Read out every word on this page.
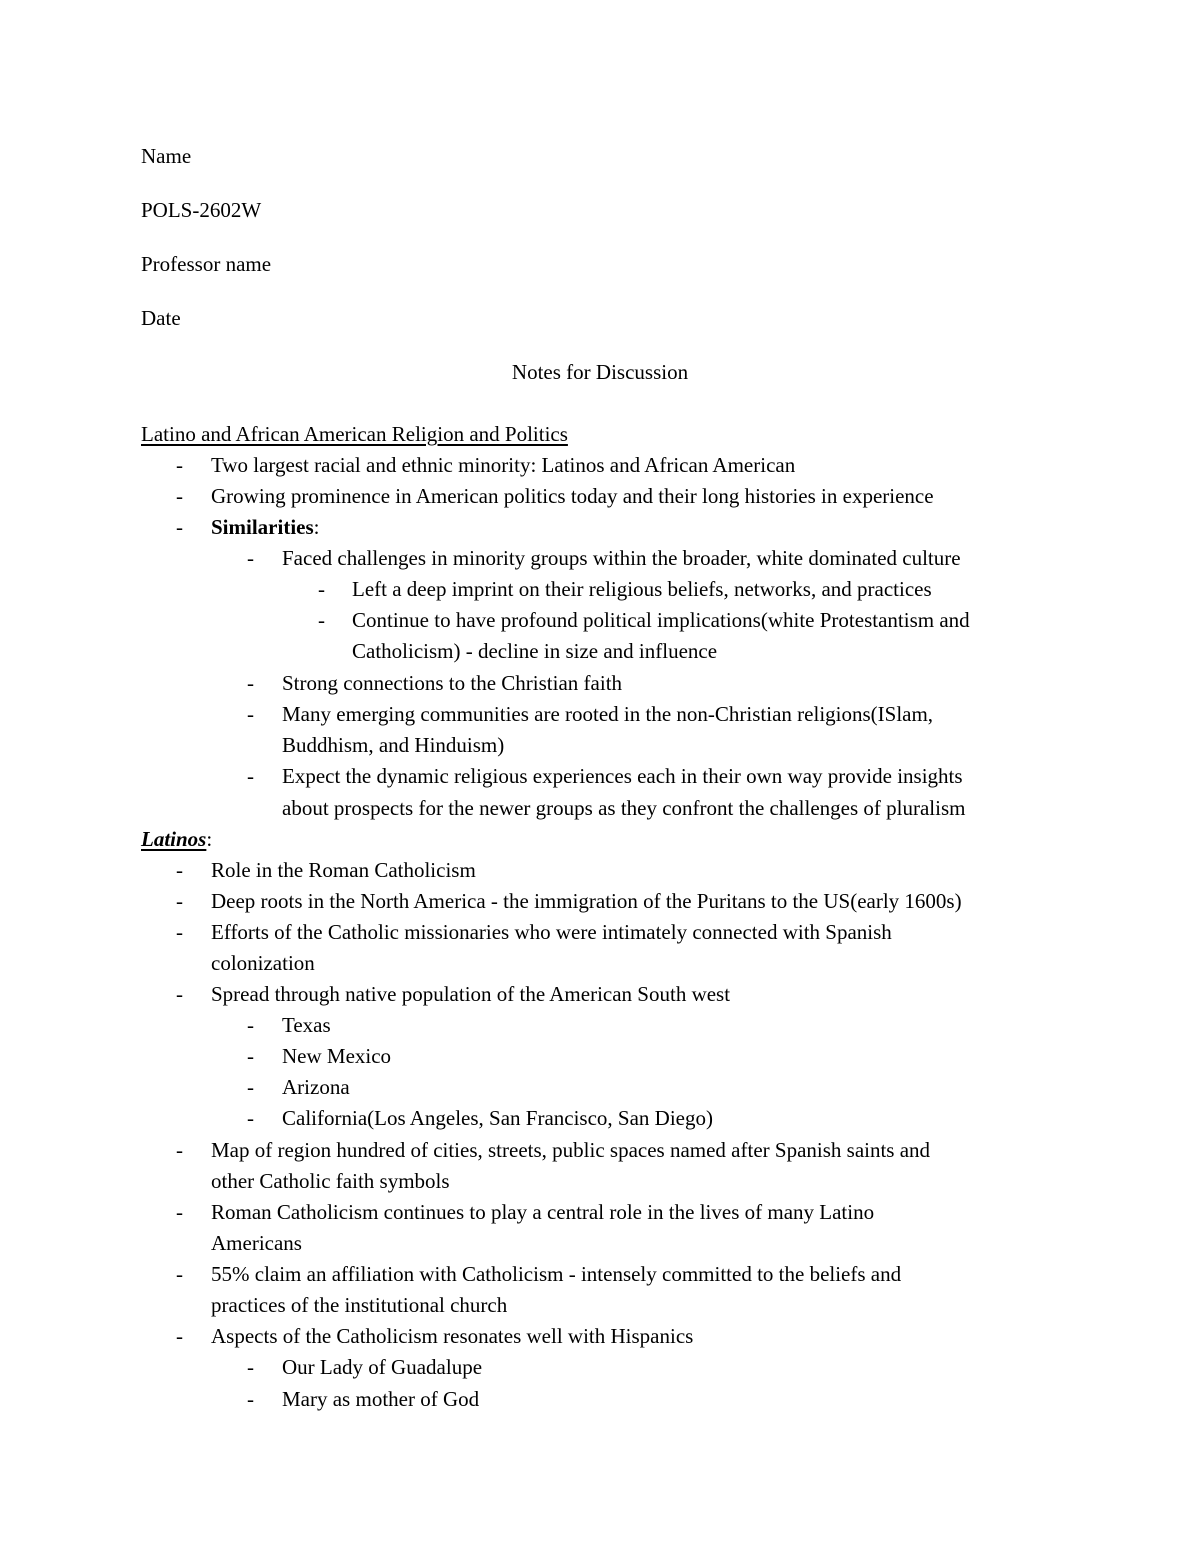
Name
POLS-2602W
Professor name
Date
Notes for Discussion
Latino and African American Religion and Politics
- Two largest racial and ethnic minority: Latinos and African American
- Growing prominence in American politics today and their long histories in experience
- Similarities:
- Faced challenges in minority groups within the broader, white dominated culture
- Left a deep imprint on their religious beliefs, networks, and practices
- Continue to have profound political implications(white Protestantism and
Catholicism) - decline in size and influence
- Strong connections to the Christian faith
- Many emerging communities are rooted in the non-Christian religions(ISlam,
Buddhism, and Hinduism)
- Expect the dynamic religious experiences each in their own way provide insights
about prospects for the newer groups as they confront the challenges of pluralism
Latinos:
- Role in the Roman Catholicism
- Deep roots in the North America - the immigration of the Puritans to the US(early 1600s)
- Efforts of the Catholic missionaries who were intimately connected with Spanish
colonization
- Spread through native population of the American South west
- Texas
- New Mexico
- Arizona
- California(Los Angeles, San Francisco, San Diego)
- Map of region hundred of cities, streets, public spaces named after Spanish saints and
other Catholic faith symbols
- Roman Catholicism continues to play a central role in the lives of many Latino
Americans
- 55% claim an affiliation with Catholicism - intensely committed to the beliefs and
practices of the institutional church
- Aspects of the Catholicism resonates well with Hispanics
- Our Lady of Guadalupe
- Mary as mother of God
